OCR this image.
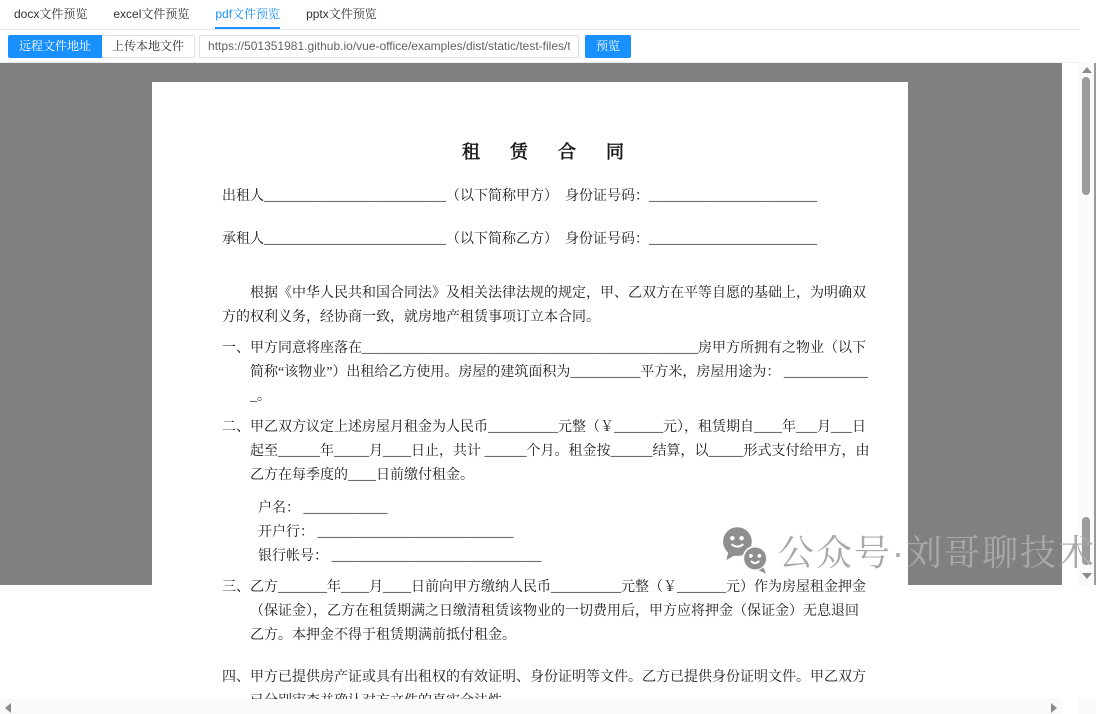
docx文件预览 excel文件预览 pdf文件预览 pptx文件预览
远程文件地址	上传本地文件
https://501351981.github.io/vue-office/examples/dist/static/test-files/test.pdf	预览

租　赁　合　同

出租人__________________________（以下简称甲方）　身份证号码：________________________

承租人__________________________（以下简称乙方）　身份证号码：________________________

根据《中华人民共和国合同法》及相关法律法规的规定，甲、乙双方在平等自愿的基础上，为明确双方的权利义务，经协商一致，就房地产租赁事项订立本合同。

一、甲方同意将座落在________________________________________________房甲方所拥有之物业（以下简称“该物业”）出租给乙方使用。房屋的建筑面积为__________平方米，房屋用途为： _____________。

二、甲乙双方议定上述房屋月租金为人民币__________元整（￥_______元），租赁期自____年___月___日起至______年_____月____日止，共计 ______个月。租金按______结算，以_____形式支付给甲方，由乙方在每季度的____日前缴付租金。

户名： ____________

开户行： ____________________________

银行帐号： ______________________________

三、乙方_______年____月____日前向甲方缴纳人民币__________元整（￥_______元）作为房屋租金押金（保证金），乙方在租赁期满之日缴清租赁该物业的一切费用后，甲方应将押金（保证金）无息退回乙方。本押金不得于租赁期满前抵付租金。

四、甲方已提供房产证或具有出租权的有效证明、身份证明等文件。乙方已提供身份证明文件。甲乙双方

公众号·刘哥聊技术
